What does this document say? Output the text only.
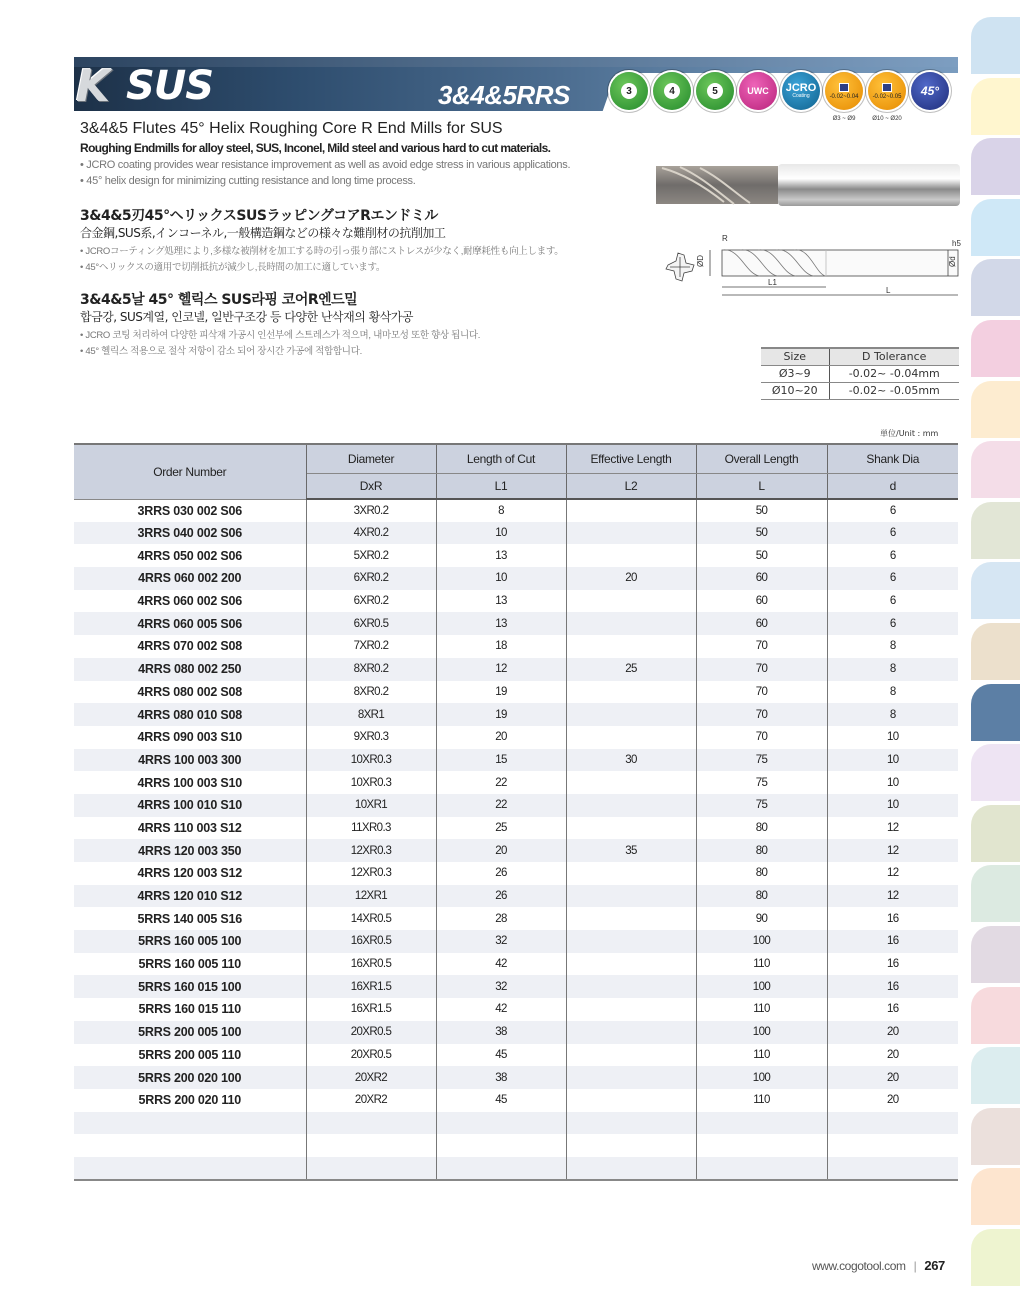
K SUS	3&4&5RRS	3	4	5	UWC JCRO
Coating	-0.02~0.04
Ø3 ~ Ø9
-0.02~0.05
Ø10 ~ Ø20
45°
3&4&5 Flutes 45° Helix Roughing Core R End Mills for SUS
Roughing Endmills for alloy steel, SUS, Inconel, Mild steel and various hard to cut materials.
• JCRO coating provides wear resistance improvement as well as avoid edge stress in various applications.
• 45° helix design for minimizing cutting resistance and long time process.
3&4&5刃45°ヘリックスSUSラッピングコアRエンドミル
合金鋼,SUS系,インコーネル,一般構造鋼などの様々な難削材の抗削加工
• JCROコーティング処理により,多様な被削材を加工する時の引っ張り部にストレスが少なく,耐摩耗性も向上します。
• 45°ヘリックスの適用で切削抵抗が減少し,長時間の加工に適しています。
3&4&5날 45° 헬릭스 SUS라핑 코어R엔드밀
합금강, SUS계열, 인코넬, 일반구조강 등 다양한 난삭재의 황삭가공
• JCRO 코팅 처리하여 다양한 피삭재 가공시 인선부에 스트레스가 적으며, 내마모성 또한 향상 됩니다.
• 45° 헬릭스 적용으로 절삭 저항이 감소 되어 장시간 가공에 적합합니다.
R
ØD
h5
Ød
L1
L
Size	D Tolerance
Ø3~9	-0.02~ -0.04mm
Ø10~20	-0.02~ -0.05mm
単位/Unit : mm
Order Number	Diameter	Length of Cut	Effective Length	Overall Length	Shank Dia
	DxR	L1	L2	L	d
3RRS 030 002 S06	3XR0.2	8		50	6
3RRS 040 002 S06	4XR0.2	10		50	6
4RRS 050 002 S06	5XR0.2	13		50	6
4RRS 060 002 200	6XR0.2	10	20	60	6
4RRS 060 002 S06	6XR0.2	13		60	6
4RRS 060 005 S06	6XR0.5	13		60	6
4RRS 070 002 S08	7XR0.2	18		70	8
4RRS 080 002 250	8XR0.2	12	25	70	8
4RRS 080 002 S08	8XR0.2	19		70	8
4RRS 080 010 S08	8XR1	19		70	8
4RRS 090 003 S10	9XR0.3	20		70	10
4RRS 100 003 300	10XR0.3	15	30	75	10
4RRS 100 003 S10	10XR0.3	22		75	10
4RRS 100 010 S10	10XR1	22		75	10
4RRS 110 003 S12	11XR0.3	25		80	12
4RRS 120 003 350	12XR0.3	20	35	80	12
4RRS 120 003 S12	12XR0.3	26		80	12
4RRS 120 010 S12	12XR1	26		80	12
5RRS 140 005 S16	14XR0.5	28		90	16
5RRS 160 005 100	16XR0.5	32		100	16
5RRS 160 005 110	16XR0.5	42		110	16
5RRS 160 015 100	16XR1.5	32		100	16
5RRS 160 015 110	16XR1.5	42		110	16
5RRS 200 005 100	20XR0.5	38		100	20
5RRS 200 005 110	20XR0.5	45		110	20
5RRS 200 020 100	20XR2	38		100	20
5RRS 200 020 110	20XR2	45		110	20

www.cogotool.com | 267
